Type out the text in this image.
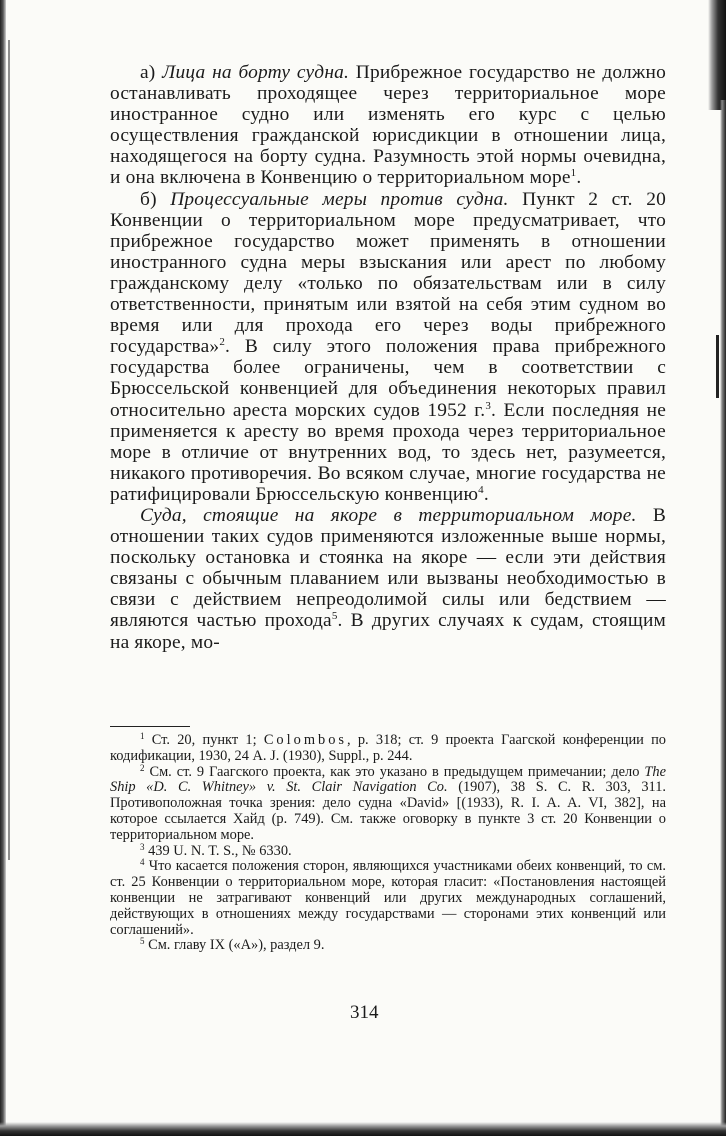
а) Лица на борту судна. Прибрежное государство не должно останавливать проходящее через территориальное море иностранное судно или изменять его курс с целью осуществления гражданской юрисдикции в отношении лица, находящегося на борту судна. Разумность этой нормы очевидна, и она включена в Конвенцию о территориальном море$^1$.

б) Процессуальные меры против судна. Пункт 2 ст. 20 Конвенции о территориальном море предусматривает, что прибрежное государство может применять в отношении иностранного судна меры взыскания или арест по любому гражданскому делу «только по обязательствам или в силу ответственности, принятым или взятой на себя этим судном во время или для прохода его через воды прибрежного государства»$^2$. В силу этого положения права прибрежного государства более ограничены, чем в соответствии с Брюссельской конвенцией для объединения некоторых правил относительно ареста морских судов 1952 г.$^3$. Если последняя не применяется к аресту во время прохода через территориальное море в отличие от внутренних вод, то здесь нет, разумеется, никакого противоречия. Во всяком случае, многие государства не ратифицировали Брюссельскую конвенцию$^4$.

Суда, стоящие на якоре в территориальном море. В отношении таких судов применяются изложенные выше нормы, поскольку остановка и стоянка на якоре — если эти действия связаны с обычным плаванием или вызваны необходимостью в связи с действием непреодолимой силы или бедствием — являются частью прохода$^5$. В других случаях к судам, стоящим на якоре, мо-

$^1$ Ст. 20, пункт 1; Colombos, p. 318; ст. 9 проекта Гаагской конференции по кодификации, 1930, 24 A. J. (1930), Suppl., p. 244.

$^2$ См. ст. 9 Гаагского проекта, как это указано в предыдущем примечании; дело The Ship «D. C. Whitney» v. St. Clair Navigation Co. (1907), 38 S. C. R. 303, 311. Противоположная точка зрения: дело судна «David» [(1933), R. I. A. A. VI, 382], на которое ссылается Хайд (р. 749). См. также оговорку в пункте 3 ст. 20 Конвенции о территориальном море.

$^3$ 439 U. N. T. S., № 6330.

$^4$ Что касается положения сторон, являющихся участниками обеих конвенций, то см. ст. 25 Конвенции о территориальном море, которая гласит: «Постановления настоящей конвенции не затрагивают конвенций или других международных соглашений, действующих в отношениях между государствами — сторонами этих конвенций или соглашений».

$^5$ См. главу IX («А»), раздел 9.

314
